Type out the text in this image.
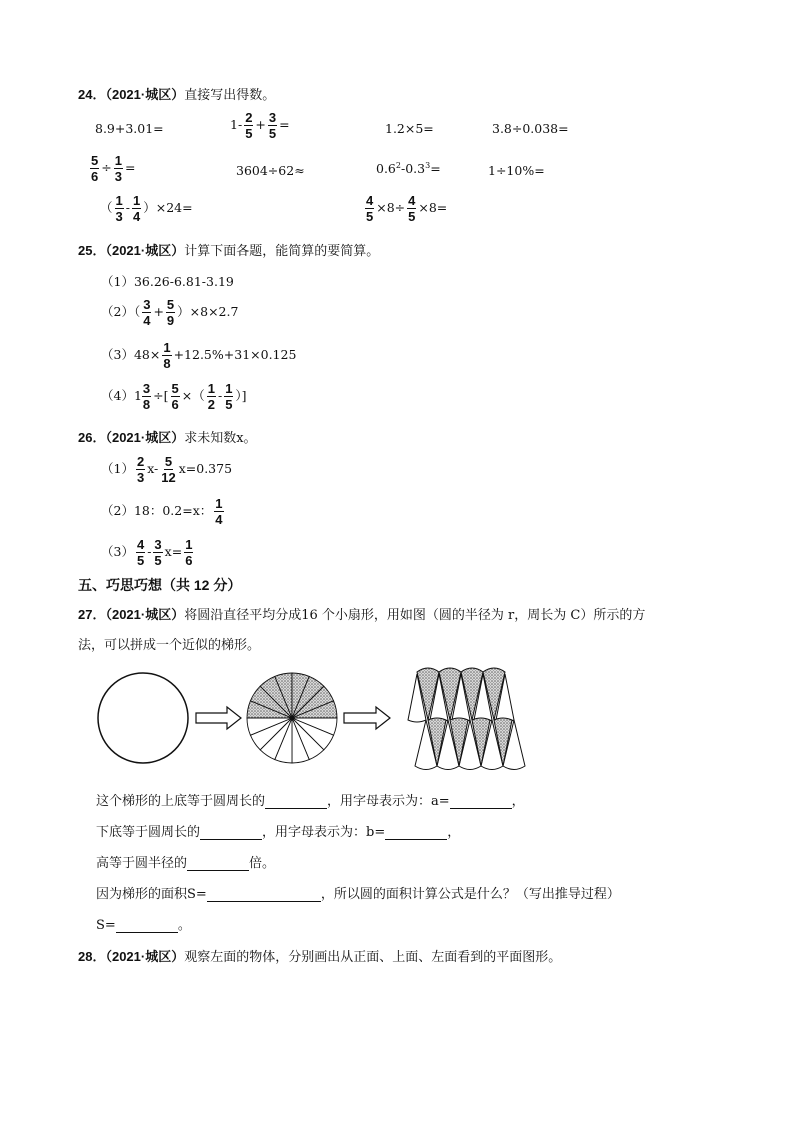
24．（2021·城区）直接写出得数。
8.9+3.01=	$1- \frac{2}{5} + \frac{3}{5}$ =	1.2×5=	3.8÷0.038=
$\frac{5}{6} \div \frac{1}{3}$ =	3604÷62≈	$0.6^2-0.3^3=$	1÷10%=
（ $\frac{1}{3} - \frac{1}{4} )\times 24=$	$\frac{4}{5} \times 8\div \frac{4}{5} \times 8=$
25．（2021·城区）计算下面各题，能简算的要简算。
（1）36.26-6.81-3.19
$(2)( \frac{3}{4} + \frac{5}{9} )\times 8\times 2.7$
$(3)48\times \frac{1}{8} +12.5\%+31\times 0.125$
$(4)1 \frac{3}{8}$ ÷[ $\frac{5}{6}$ ×（ $\frac{1}{2} - \frac{1}{5}$ ）]
26．（2021·城区）求未知数x。
$(1) \frac{2}{3} x- \frac{5}{12} x=0.375$
（2）18：0.2=x： $\frac{1}{4}$
$(3) \frac{4}{5} - \frac{3}{5} x= \frac{1}{6}$
五、巧思巧想（共 12 分）
27．（2021·城区）将圆沿直径平均分成16 个小扇形，用如图（圆的半径为 r，周长为 C）所示的方
法，可以拼成一个近似的梯形。
这个梯形的上底等于圆周长的	，用字母表示为：a=	，
下底等于圆周长的	，用字母表示为：b=	，
高等于圆半径的	倍。
因为梯形的面积S=	，所以圆的面积计算公式是什么？（写出推导过程）
S=	。
28．（2021·城区）观察左面的物体，分别画出从正面、上面、左面看到的平面图形。
